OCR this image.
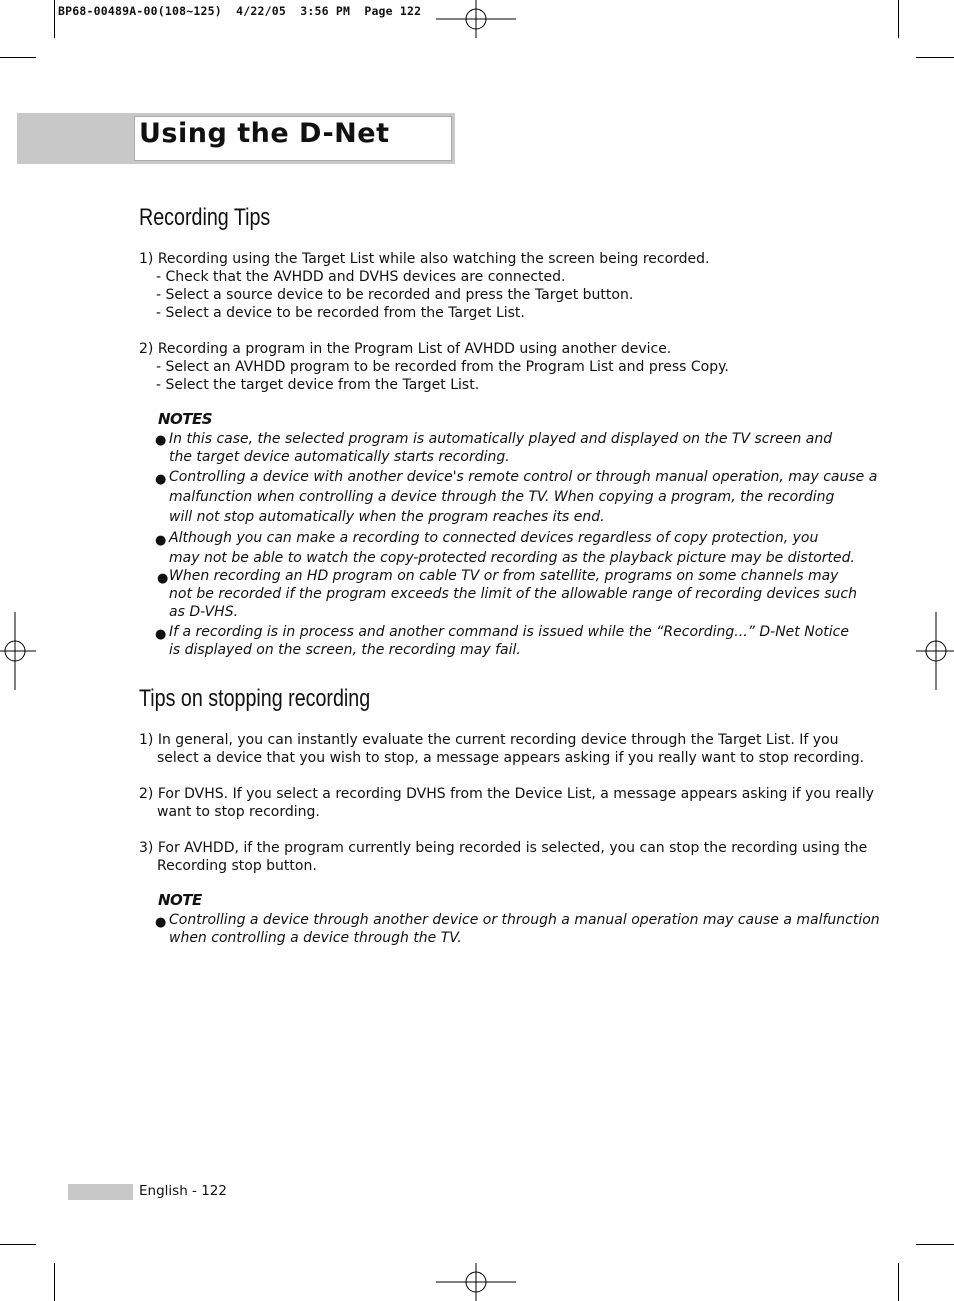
BP68-00489A-00(108~125)  4/22/05  3:56 PM  Page 122
Using the D-Net
Recording Tips
1) Recording using the Target List while also watching the screen being recorded.
- Check that the AVHDD and DVHS devices are connected.
- Select a source device to be recorded and press the Target button.
- Select a device to be recorded from the Target List.
2) Recording a program in the Program List of AVHDD using another device.
- Select an AVHDD program to be recorded from the Program List and press Copy.
- Select the target device from the Target List.
NOTES
● In this case, the selected program is automatically played and displayed on the TV screen and
the target device automatically starts recording.
● Controlling a device with another device's remote control or through manual operation, may cause a
malfunction when controlling a device through the TV. When copying a program, the recording
will not stop automatically when the program reaches its end.
● Although you can make a recording to connected devices regardless of copy protection, you
may not be able to watch the copy-protected recording as the playback picture may be distorted.
● When recording an HD program on cable TV or from satellite, programs on some channels may
not be recorded if the program exceeds the limit of the allowable range of recording devices such
as D-VHS.
● If a recording is in process and another command is issued while the “Recording...” D-Net Notice
is displayed on the screen, the recording may fail.
Tips on stopping recording
1) In general, you can instantly evaluate the current recording device through the Target List. If you
select a device that you wish to stop, a message appears asking if you really want to stop recording.
2) For DVHS. If you select a recording DVHS from the Device List, a message appears asking if you really
want to stop recording.
3) For AVHDD, if the program currently being recorded is selected, you can stop the recording using the
Recording stop button.
NOTE
● Controlling a device through another device or through a manual operation may cause a malfunction
when controlling a device through the TV.
English - 122
